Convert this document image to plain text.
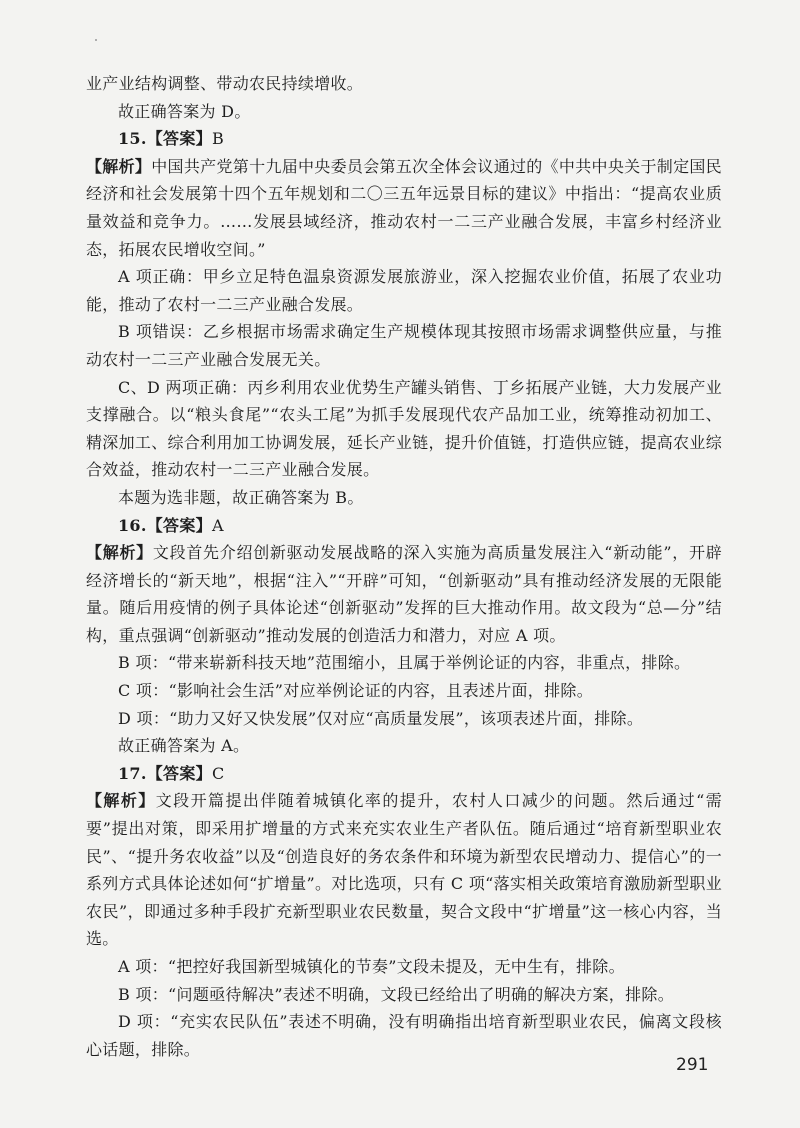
业产业结构调整、带动农民持续增收。

故正确答案为 D。

15.【答案】B

【解析】中国共产党第十九届中央委员会第五次全体会议通过的《中共中央关于制定国民经济和社会发展第十四个五年规划和二〇三五年远景目标的建议》中指出：“提高农业质量效益和竞争力。……发展县域经济，推动农村一二三产业融合发展，丰富乡村经济业态，拓展农民增收空间。”

A 项正确：甲乡立足特色温泉资源发展旅游业，深入挖掘农业价值，拓展了农业功能，推动了农村一二三产业融合发展。

B 项错误：乙乡根据市场需求确定生产规模体现其按照市场需求调整供应量，与推动农村一二三产业融合发展无关。

C、D 两项正确：丙乡利用农业优势生产罐头销售、丁乡拓展产业链，大力发展产业支撑融合。以“粮头食尾”“农头工尾”为抓手发展现代农产品加工业，统筹推动初加工、精深加工、综合利用加工协调发展，延长产业链，提升价值链，打造供应链，提高农业综合效益，推动农村一二三产业融合发展。

本题为选非题，故正确答案为 B。

16.【答案】A

【解析】文段首先介绍创新驱动发展战略的深入实施为高质量发展注入“新动能”，开辟经济增长的“新天地”，根据“注入”“开辟”可知，“创新驱动”具有推动经济发展的无限能量。随后用疫情的例子具体论述“创新驱动”发挥的巨大推动作用。故文段为“总—分”结构，重点强调“创新驱动”推动发展的创造活力和潜力，对应 A 项。

B 项：“带来崭新科技天地”范围缩小，且属于举例论证的内容，非重点，排除。

C 项：“影响社会生活”对应举例论证的内容，且表述片面，排除。

D 项：“助力又好又快发展”仅对应“高质量发展”，该项表述片面，排除。

故正确答案为 A。

17.【答案】C

【解析】文段开篇提出伴随着城镇化率的提升，农村人口减少的问题。然后通过“需要”提出对策，即采用扩增量的方式来充实农业生产者队伍。随后通过“培育新型职业农民”、“提升务农收益”以及“创造良好的务农条件和环境为新型农民增动力、提信心”的一系列方式具体论述如何“扩增量”。对比选项，只有 C 项“落实相关政策培育激励新型职业农民”，即通过多种手段扩充新型职业农民数量，契合文段中“扩增量”这一核心内容，当选。

A 项：“把控好我国新型城镇化的节奏”文段未提及，无中生有，排除。

B 项：“问题亟待解决”表述不明确，文段已经给出了明确的解决方案，排除。

D 项：“充实农民队伍”表述不明确，没有明确指出培育新型职业农民，偏离文段核心话题，排除。

291
